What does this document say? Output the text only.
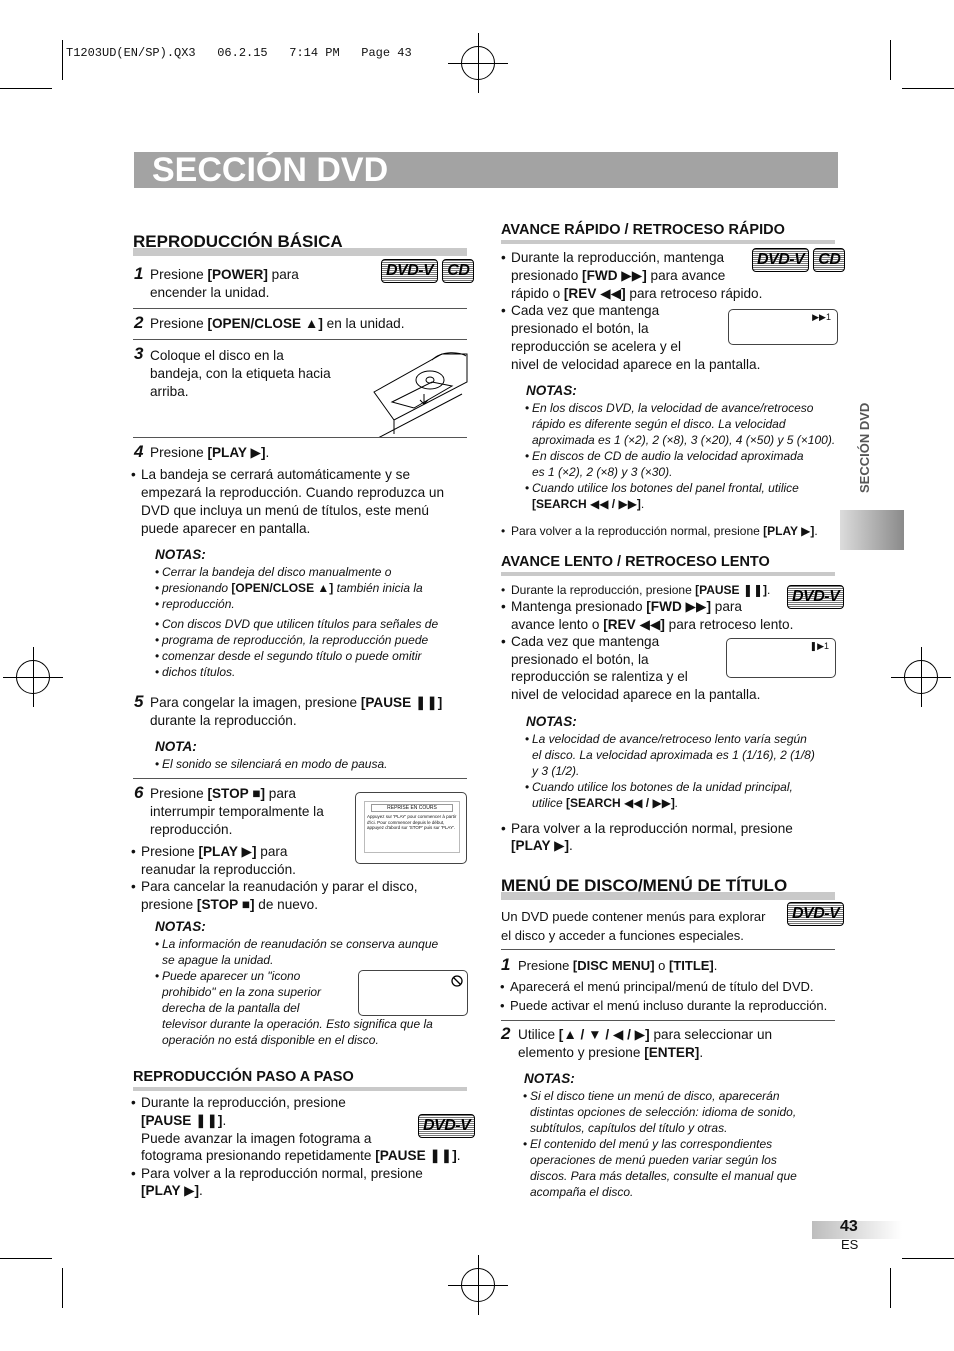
T1203UD(EN/SP).QX3   06.2.15   7:14 PM   Page 43
SECCIÓN DVD
SECCIÓN DVD
REPRODUCCIÓN BÁSICA
DVD-V CD
1 Presione [POWER] para
encender la unidad.
2 Presione [OPEN/CLOSE ▲] en la unidad.
3 Coloque el disco en la
bandeja, con la etiqueta hacia
arriba.
4 Presione [PLAY ▶].
• La bandeja se cerrará automáticamente y se
empezará la reproducción. Cuando reproduzca un
DVD que incluya un menú de títulos, este menú
puede aparecer en pantalla.
NOTAS:
• Cerrar la bandeja del disco manualmente o
• presionando [OPEN/CLOSE ▲] también inicia la
• reproducción.
• Con discos DVD que utilicen títulos para señales de
• programa de reproducción, la reproducción puede
• comenzar desde el segundo título o puede omitir
• dichos títulos.
5 Para congelar la imagen, presione [PAUSE ❚❚]
durante la reproducción.
NOTA:
• El sonido se silenciará en modo de pausa.
6 Presione [STOP ■] para
interrumpir temporalmente la
reproducción.
REPRISE EN COURS
Appuyez sur 'PLAY' pour commencer à partir d'ici. Pour commencer depuis le début, appuyez d'abord sur 'STOP' puis sur 'PLAY'.
• Presione [PLAY ▶] para
reanudar la reproducción.
• Para cancelar la reanudación y parar el disco,
presione [STOP ■] de nuevo.
NOTAS:
• La información de reanudación se conserva aunque
se apague la unidad.
• Puede aparecer un "icono
prohibido" en la zona superior
derecha de la pantalla del
televisor durante la operación. Esto significa que la
operación no está disponible en el disco.
REPRODUCCIÓN PASO A PASO
DVD-V
• Durante la reproducción, presione
[PAUSE ❚❚].
Puede avanzar la imagen fotograma a
fotograma presionando repetidamente [PAUSE ❚❚].
• Para volver a la reproducción normal, presione
[PLAY ▶].
AVANCE RÁPIDO / RETROCESO RÁPIDO
DVD-V CD
• Durante la reproducción, mantenga
presionado [FWD ▶▶] para avance
rápido o [REV ◀◀] para retroceso rápido.
• Cada vez que mantenga
presionado el botón, la
reproducción se acelera y el
nivel de velocidad aparece en la pantalla.
▶▶1
NOTAS:
• En los discos DVD, la velocidad de avance/retroceso
rápido es diferente según el disco. La velocidad
aproximada es 1 (×2), 2 (×8), 3 (×20), 4 (×50) y 5 (×100).
• En discos de CD de audio la velocidad aproximada
es 1 (×2), 2 (×8) y 3 (×30).
• Cuando utilice los botones del panel frontal, utilice
[SEARCH ◀◀ / ▶▶].
• Para volver a la reproducción normal, presione [PLAY ▶].
AVANCE LENTO / RETROCESO LENTO
DVD-V
• Durante la reproducción, presione [PAUSE ❚❚].
• Mantenga presionado [FWD ▶▶] para
avance lento o [REV ◀◀] para retroceso lento.
• Cada vez que mantenga
presionado el botón, la
reproducción se ralentiza y el
nivel de velocidad aparece en la pantalla.
❚▶1
NOTAS:
• La velocidad de avance/retroceso lento varía según
el disco. La velocidad aproximada es 1 (1/16), 2 (1/8)
y 3 (1/2).
• Cuando utilice los botones de la unidad principal,
utilice [SEARCH ◀◀ / ▶▶].
• Para volver a la reproducción normal, presione
[PLAY ▶].
MENÚ DE DISCO/MENÚ DE TÍTULO
DVD-V
Un DVD puede contener menús para explorar
el disco y acceder a funciones especiales.
1 Presione [DISC MENU] o [TITLE].
• Aparecerá el menú principal/menú de título del DVD.
• Puede activar el menú incluso durante la reproducción.
2 Utilice [▲ / ▼ / ◀ / ▶] para seleccionar un
elemento y presione [ENTER].
NOTAS:
• Si el disco tiene un menú de disco, aparecerán
distintas opciones de selección: idioma de sonido,
subtítulos, capítulos del título y otras.
• El contenido del menú y las correspondientes
operaciones de menú pueden variar según los
discos. Para más detalles, consulte el manual que
acompaña el disco.
43
ES
